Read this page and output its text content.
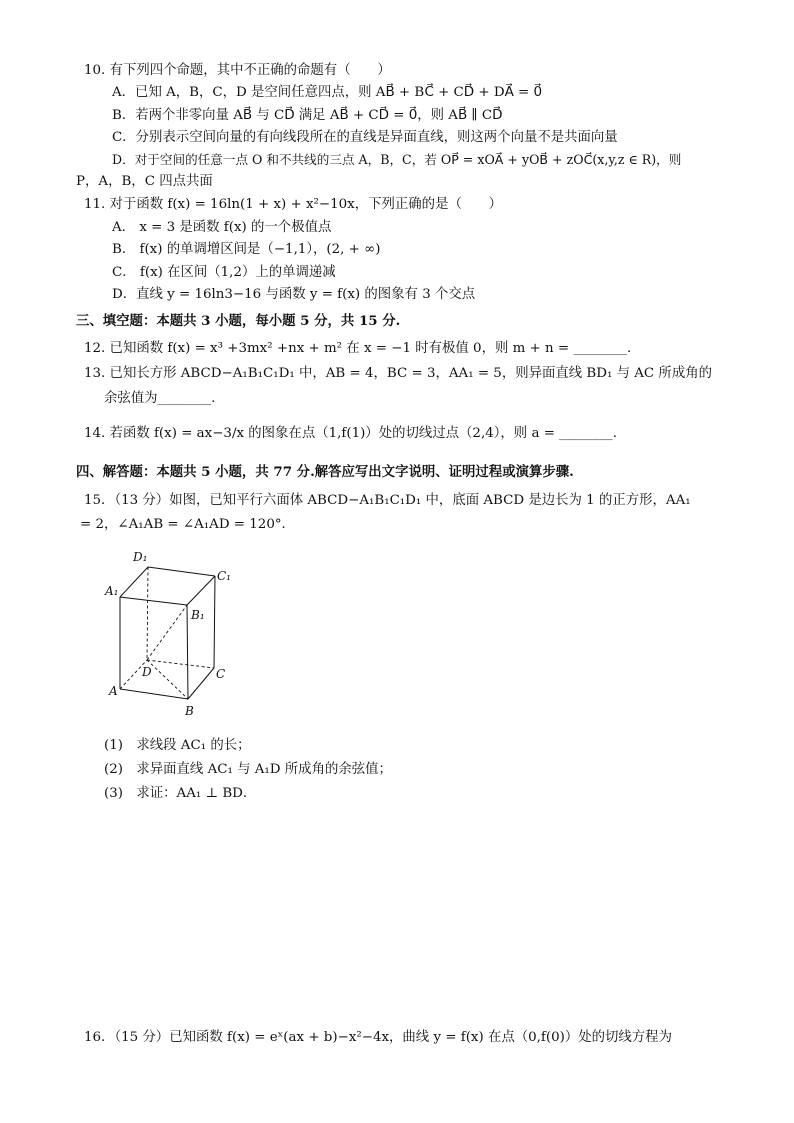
10. 有下列四个命题，其中不正确的命题有（　　）
A．已知 A，B，C，D 是空间任意四点，则 AB⃗ + BC⃗ + CD⃗ + DA⃗ = 0⃗
B．若两个非零向量 AB⃗ 与 CD⃗ 满足 AB⃗ + CD⃗ = 0⃗，则 AB⃗ ∥ CD⃗
C．分别表示空间向量的有向线段所在的直线是异面直线，则这两个向量不是共面向量
D．对于空间的任意一点 O 和不共线的三点 A，B，C，若 OP⃗ = xOA⃗ + yOB⃗ + zOC⃗(x,y,z ∈ R)，则
P，A，B，C 四点共面
11. 对于函数 f(x) = 16ln(1 + x) + x²−10x，下列正确的是（　　）
A． x = 3 是函数 f(x) 的一个极值点
B． f(x) 的单调增区间是（−1,1），(2, + ∞)
C． f(x) 在区间（1,2）上的单调递减
D．直线 y = 16ln3−16 与函数 y = f(x) 的图象有 3 个交点
三、填空题：本题共 3 小题，每小题 5 分，共 15 分.
12. 已知函数 f(x) = x³ +3mx² +nx + m² 在 x = −1 时有极值 0，则 m + n = ________.
13. 已知长方形 ABCD−A₁B₁C₁D₁ 中，AB = 4，BC = 3，AA₁ = 5，则异面直线 BD₁ 与 AC 所成角的
余弦值为________.
14. 若函数 f(x) = ax−3/x 的图象在点（1,f(1)）处的切线过点（2,4），则 a = ________.
四、解答题：本题共 5 小题，共 77 分.解答应写出文字说明、证明过程或演算步骤.
15．（13 分）如图，已知平行六面体 ABCD−A₁B₁C₁D₁ 中，底面 ABCD 是边长为 1 的正方形，AA₁
= 2，∠A₁AB = ∠A₁AD = 120°．
D₁
C₁
A₁
B₁
D	C
A
B
(1)　求线段 AC₁ 的长；
(2)　求异面直线 AC₁ 与 A₁D 所成角的余弦值；
(3)　求证：AA₁ ⊥ BD．
16．（15 分）已知函数 f(x) = eˣ(ax + b)−x²−4x，曲线 y = f(x) 在点（0,f(0)）处的切线方程为
